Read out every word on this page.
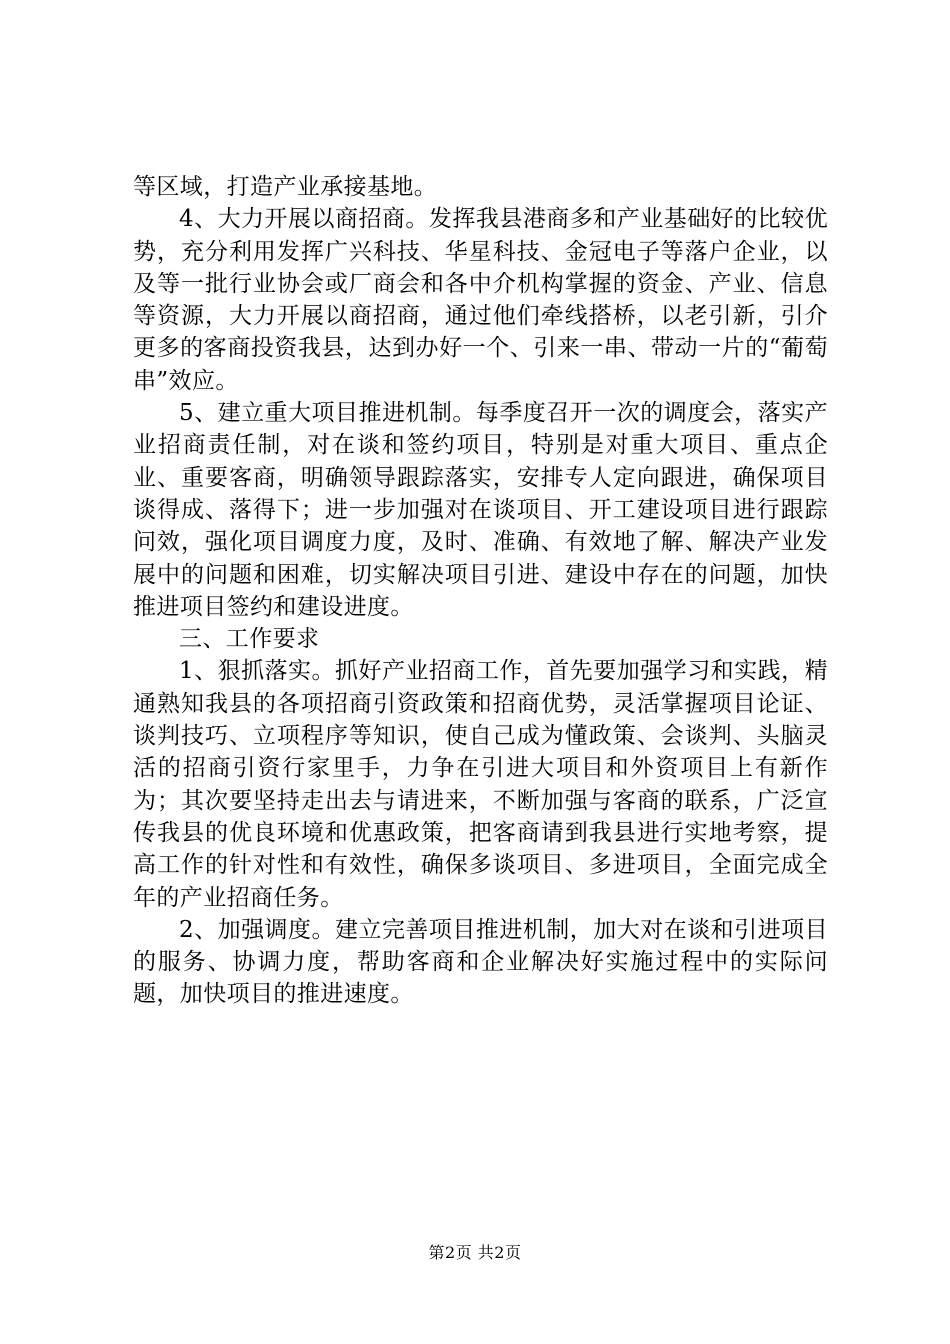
等区域，打造产业承接基地。

4、大力开展以商招商。发挥我县港商多和产业基础好的比较优势，充分利用发挥广兴科技、华星科技、金冠电子等落户企业，以及等一批行业协会或厂商会和各中介机构掌握的资金、产业、信息等资源，大力开展以商招商，通过他们牵线搭桥，以老引新，引介更多的客商投资我县，达到办好一个、引来一串、带动一片的“葡萄串”效应。

5、建立重大项目推进机制。每季度召开一次的调度会，落实产业招商责任制，对在谈和签约项目，特别是对重大项目、重点企业、重要客商，明确领导跟踪落实，安排专人定向跟进，确保项目谈得成、落得下；进一步加强对在谈项目、开工建设项目进行跟踪问效，强化项目调度力度，及时、准确、有效地了解、解决产业发展中的问题和困难，切实解决项目引进、建设中存在的问题，加快推进项目签约和建设进度。

三、工作要求

1、狠抓落实。抓好产业招商工作，首先要加强学习和实践，精通熟知我县的各项招商引资政策和招商优势，灵活掌握项目论证、谈判技巧、立项程序等知识，使自己成为懂政策、会谈判、头脑灵活的招商引资行家里手，力争在引进大项目和外资项目上有新作为；其次要坚持走出去与请进来，不断加强与客商的联系，广泛宣传我县的优良环境和优惠政策，把客商请到我县进行实地考察，提高工作的针对性和有效性，确保多谈项目、多进项目，全面完成全年的产业招商任务。

2、加强调度。建立完善项目推进机制，加大对在谈和引进项目的服务、协调力度，帮助客商和企业解决好实施过程中的实际问题，加快项目的推进速度。

第2页 共2页
